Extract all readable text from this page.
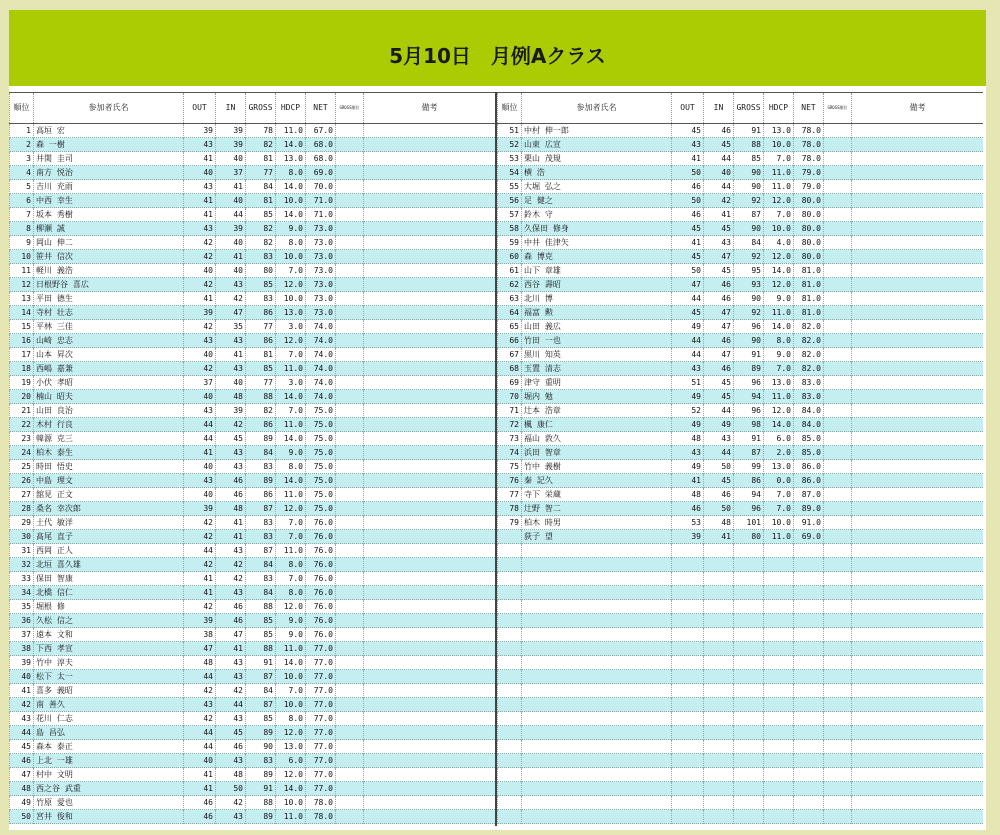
5月10日　月例Aクラス
順位	参加者氏名	OUT	IN	GROSS	HDCP	NET	GROSS順位	備考
1 高垣 宏	39	39	78	11.0	67.0
2 森 一樹	43	39	82	14.0	68.0
3 井関 圭司	41	40	81	13.0	68.0
4 南方 悦治	40	37	77	8.0	69.0
5 吉川 充雨	43	41	84	14.0	70.0
6 中西 幸生	41	40	81	10.0	71.0
7 坂本 秀樹	41	44	85	14.0	71.0
8 柳瀬 誠	43	39	82	9.0	73.0
9 岡山 伸二	42	40	82	8.0	73.0
10 笹井 信次	42	41	83	10.0	73.0
11 軽川 義浩	40	40	80	7.0	73.0
12 日根野谷 喜広	42	43	85	12.0	73.0
13 平田 德生	41	42	83	10.0	73.0
14 寺村 壮志	39	47	86	13.0	73.0
15 平林 三佳	42	35	77	3.0	74.0
16 山崎 忠志	43	43	86	12.0	74.0
17 山本 昇次	40	41	81	7.0	74.0
18 西嶋 嘉兼	42	43	85	11.0	74.0
19 小伏 孝昭	37	40	77	3.0	74.0
20 楠山 昭夫	40	48	88	14.0	74.0
21 山田 良治	43	39	82	7.0	75.0
22 木村 行良	44	42	86	11.0	75.0
23 韓源 克三	44	45	89	14.0	75.0
24 柏木 泰生	41	43	84	9.0	75.0
25 時田 悟史	40	43	83	8.0	75.0
26 中島 理文	43	46	89	14.0	75.0
27 舘見 正文	40	46	86	11.0	75.0
28 桑名 幸次郎	39	48	87	12.0	75.0
29 土代 敏洋	42	41	83	7.0	76.0
30 髙尾 直子	42	41	83	7.0	76.0
31 西岡 正人	44	43	87	11.0	76.0
32 北垣 喜久雄	42	42	84	8.0	76.0
33 保田 智康	41	42	83	7.0	76.0
34 北橋 信仁	41	43	84	8.0	76.0
35 堀根 修	42	46	88	12.0	76.0
36 久松 信之	39	46	85	9.0	76.0
37 遠本 文和	38	47	85	9.0	76.0
38 下西 孝宣	47	41	88	11.0	77.0
39 竹中 淳夫	48	43	91	14.0	77.0
40 松下 太一	44	43	87	10.0	77.0
41 喜多 義昭	42	42	84	7.0	77.0
42 南 善久	43	44	87	10.0	77.0
43 花川 仁志	42	43	85	8.0	77.0
44 島 昌弘	44	45	89	12.0	77.0
45 森本 泰正	44	46	90	13.0	77.0
46 上北 一雄	40	43	83	6.0	77.0
47 村中 文明	41	48	89	12.0	77.0
48 西之谷 武重	41	50	91	14.0	77.0
49 竹原 愛也	46	42	88	10.0	78.0
50 宮井 俊和	46	43	89	11.0	78.0
順位	参加者氏名	OUT	IN	GROSS	HDCP	NET	GROSS順位	備考
51 中村 伸一郎	45	46	91	13.0	78.0
52 山東 広宣	43	45	88	10.0	78.0
53 栗山 茂規	41	44	85	7.0	78.0
54 横 浩	50	40	90	11.0	79.0
55 大堀 弘之	46	44	90	11.0	79.0
56 足 健之	50	42	92	12.0	80.0
57 鈴木 守	46	41	87	7.0	80.0
58 久保田 修身	45	45	90	10.0	80.0
59 中井 佳津矢	41	43	84	4.0	80.0
60 森 博克	45	47	92	12.0	80.0
61 山下 章雄	50	45	95	14.0	81.0
62 西谷 壽昭	47	46	93	12.0	81.0
63 北川 博	44	46	90	9.0	81.0
64 福富 勲	45	47	92	11.0	81.0
65 山田 義広	49	47	96	14.0	82.0
66 竹田 一也	44	46	90	8.0	82.0
67 黒川 知英	44	47	91	9.0	82.0
68 玉置 清志	43	46	89	7.0	82.0
69 津守 重明	51	45	96	13.0	83.0
70 堀内 勉	49	45	94	11.0	83.0
71 辻本 浩章	52	44	96	12.0	84.0
72 楓 康仁	49	49	98	14.0	84.0
73 福山 敦久	48	43	91	6.0	85.0
74 浜田 智章	43	44	87	2.0	85.0
75 竹中 義樹	49	50	99	13.0	86.0
76 秦 記久	41	45	86	0.0	86.0
77 寺下 栄蔵	48	46	94	7.0	87.0
78 辻野 智二	46	50	96	7.0	89.0
79 柏木 時男	53	48	101	10.0	91.0
荻子 望	39	41	80	11.0	69.0
